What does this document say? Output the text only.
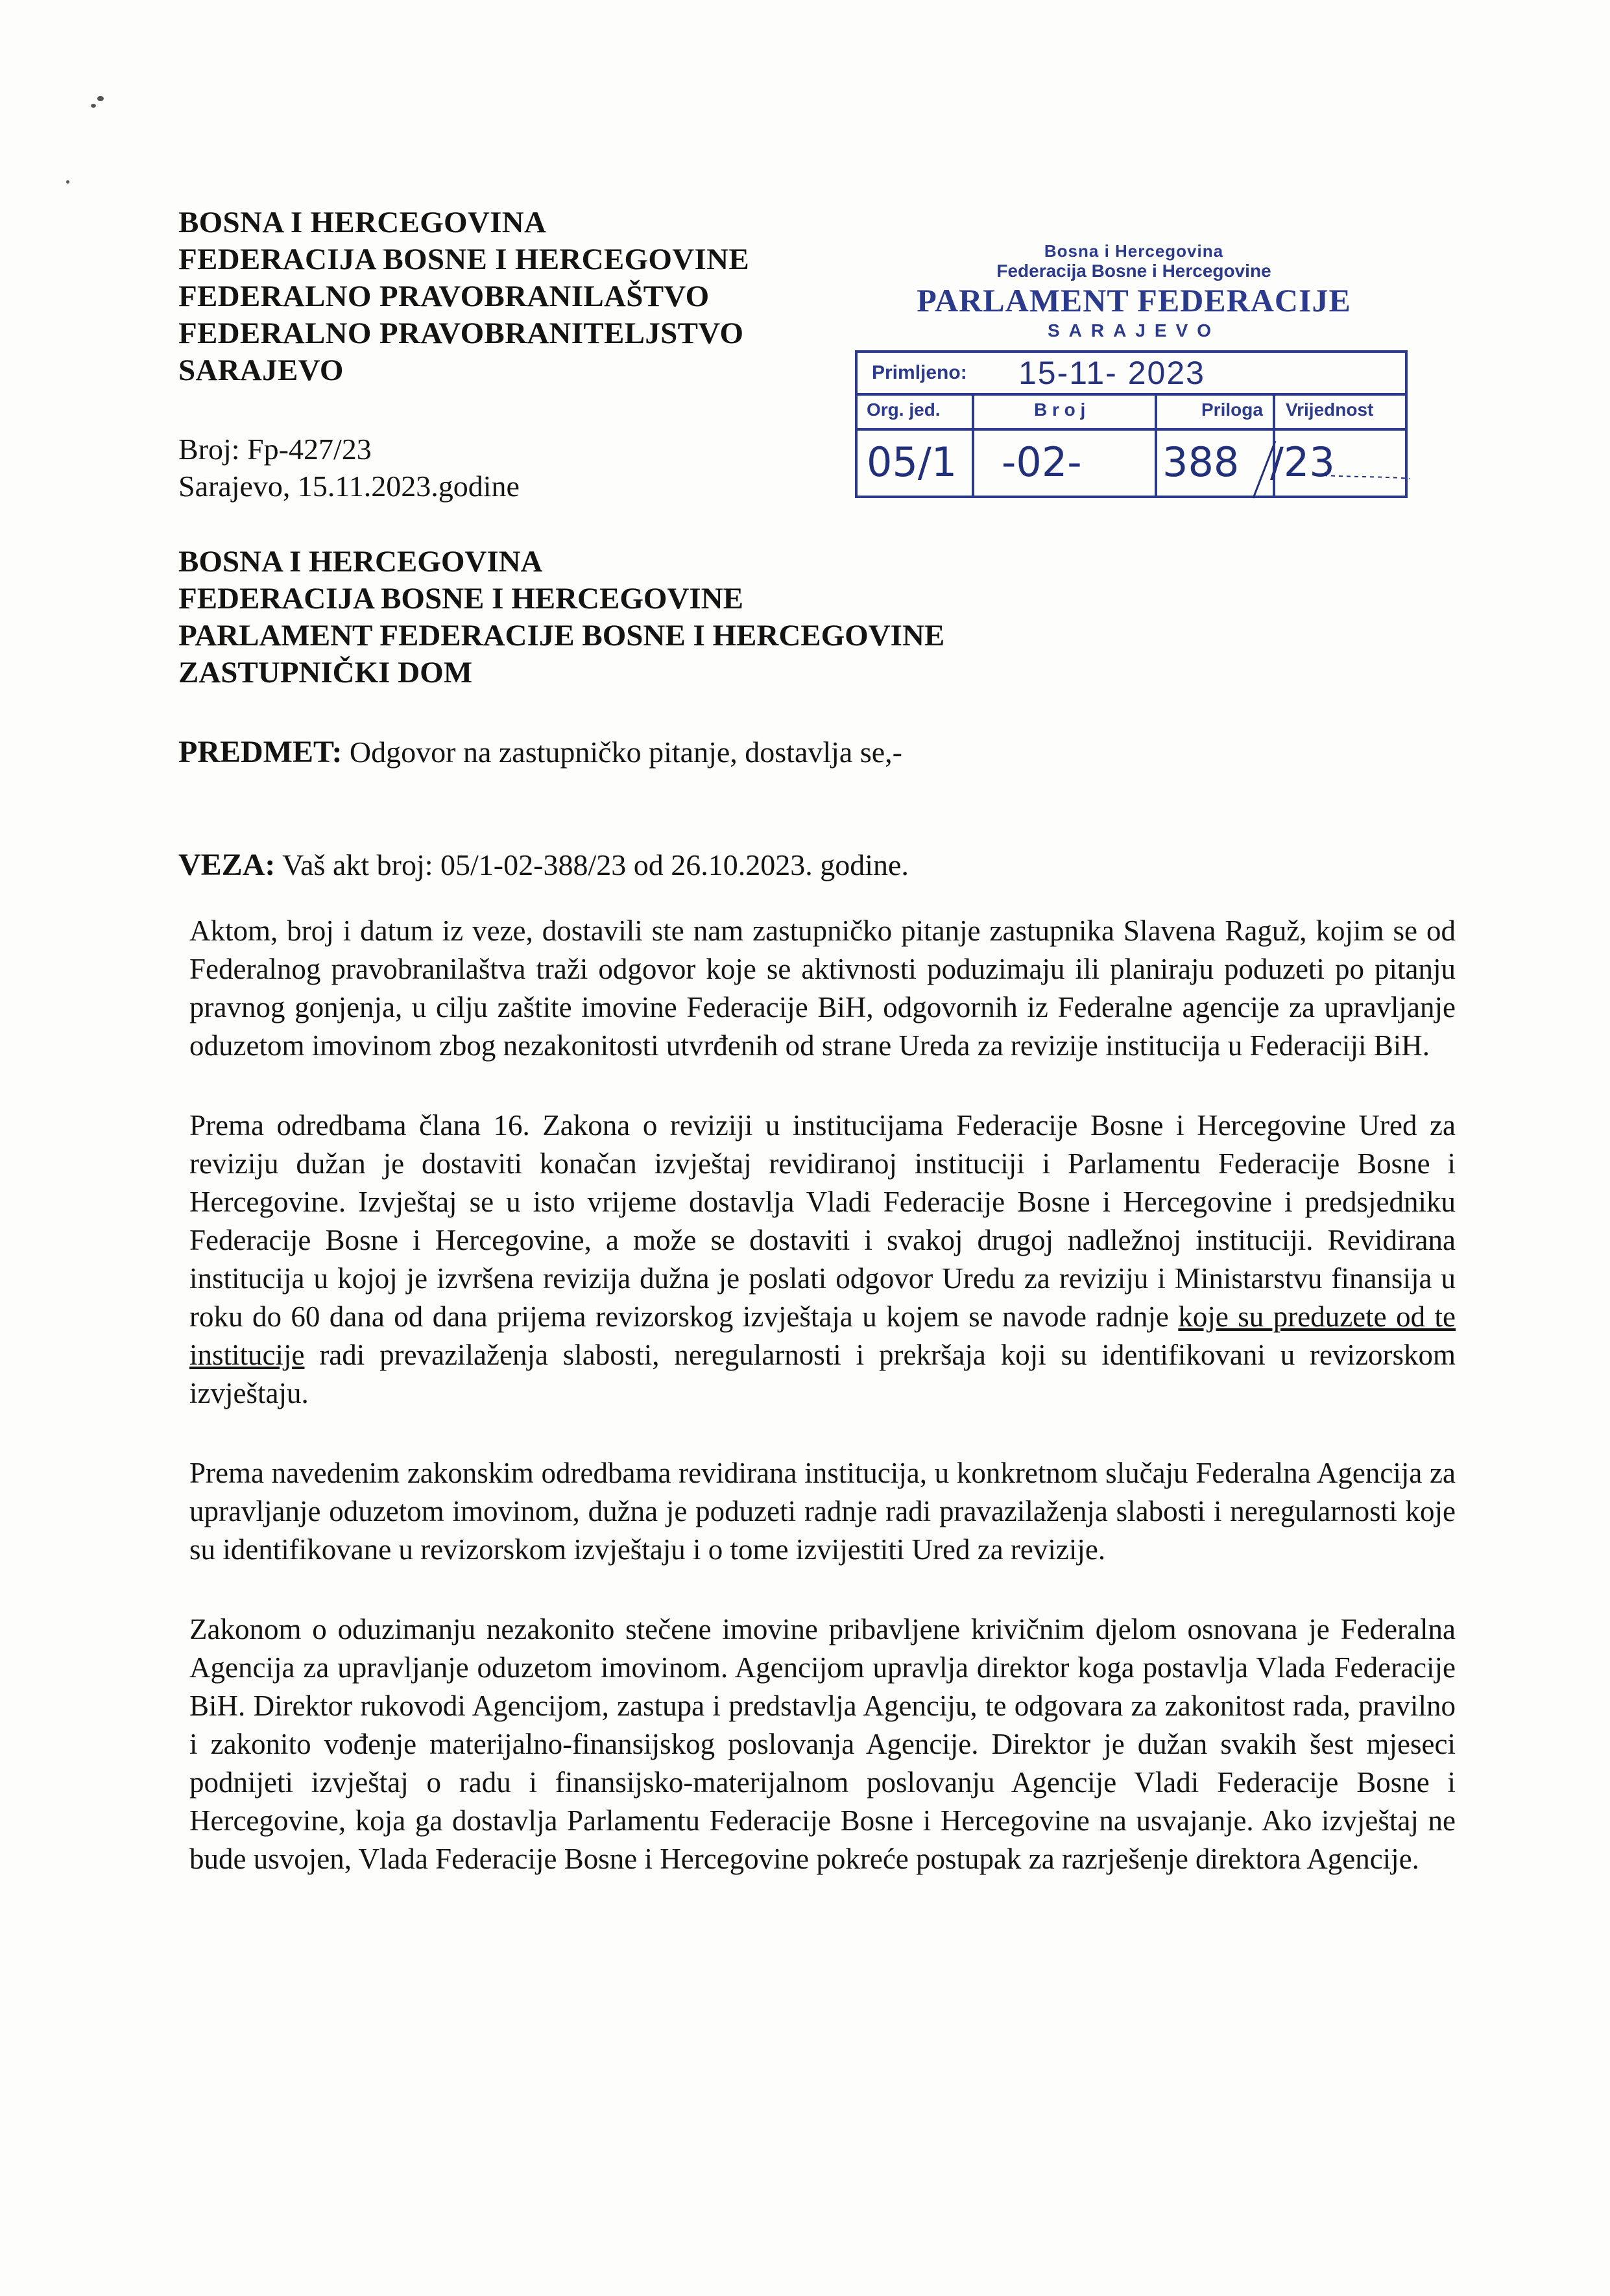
BOSNA I HERCEGOVINA
FEDERACIJA BOSNE I HERCEGOVINE
FEDERALNO PRAVOBRANILAŠTVO
FEDERALNO PRAVOBRANITELJSTVO
SARAJEVO
Broj: Fp-427/23
Sarajevo, 15.11.2023.godine
Bosna i Hercegovina
Federacija Bosne i Hercegovine
PARLAMENT FEDERACIJE
SARAJEVO
Primljeno: 15-11- 2023
Org. jed.	B r o j	Priloga Vrijednost
05/1 -02- 388 /23
BOSNA I HERCEGOVINA
FEDERACIJA BOSNE I HERCEGOVINE
PARLAMENT FEDERACIJE BOSNE I HERCEGOVINE
ZASTUPNIČKI DOM
PREDMET: Odgovor na zastupničko pitanje, dostavlja se,-
VEZA: Vaš akt broj: 05/1-02-388/23 od 26.10.2023. godine.

Aktom, broj i datum iz veze, dostavili ste nam zastupničko pitanje zastupnika Slavena Raguž, kojim se od Federalnog pravobranilaštva traži odgovor koje se aktivnosti poduzimaju ili planiraju poduzeti po pitanju pravnog gonjenja, u cilju zaštite imovine Federacije BiH, odgovornih iz Federalne agencije za upravljanje oduzetom imovinom zbog nezakonitosti utvrđenih od strane Ureda za revizije institucija u Federaciji BiH.

Prema odredbama člana 16. Zakona o reviziji u institucijama Federacije Bosne i Hercegovine Ured za reviziju dužan je dostaviti konačan izvještaj revidiranoj instituciji i Parlamentu Federacije Bosne i Hercegovine. Izvještaj se u isto vrijeme dostavlja Vladi Federacije Bosne i Hercegovine i predsjedniku Federacije Bosne i Hercegovine, a može se dostaviti i svakoj drugoj nadležnoj instituciji. Revidirana institucija u kojoj je izvršena revizija dužna je poslati odgovor Uredu za reviziju i Ministarstvu finansija u roku do 60 dana od dana prijema revizorskog izvještaja u kojem se navode radnje koje su preduzete od te institucije radi prevazilaženja slabosti, neregularnosti i prekršaja koji su identifikovani u revizorskom izvještaju.

Prema navedenim zakonskim odredbama revidirana institucija, u konkretnom slučaju Federalna Agencija za upravljanje oduzetom imovinom, dužna je poduzeti radnje radi pravazilaženja slabosti i neregularnosti koje su identifikovane u revizorskom izvještaju i o tome izvijestiti Ured za revizije.

Zakonom o oduzimanju nezakonito stečene imovine pribavljene krivičnim djelom osnovana je Federalna Agencija za upravljanje oduzetom imovinom. Agencijom upravlja direktor koga postavlja Vlada Federacije BiH. Direktor rukovodi Agencijom, zastupa i predstavlja Agenciju, te odgovara za zakonitost rada, pravilno i zakonito vođenje materijalno-finansijskog poslovanja Agencije. Direktor je dužan svakih šest mjeseci podnijeti izvještaj o radu i finansijsko-materijalnom poslovanju Agencije Vladi Federacije Bosne i Hercegovine, koja ga dostavlja Parlamentu Federacije Bosne i Hercegovine na usvajanje. Ako izvještaj ne bude usvojen, Vlada Federacije Bosne i Hercegovine pokreće postupak za razrješenje direktora Agencije.
